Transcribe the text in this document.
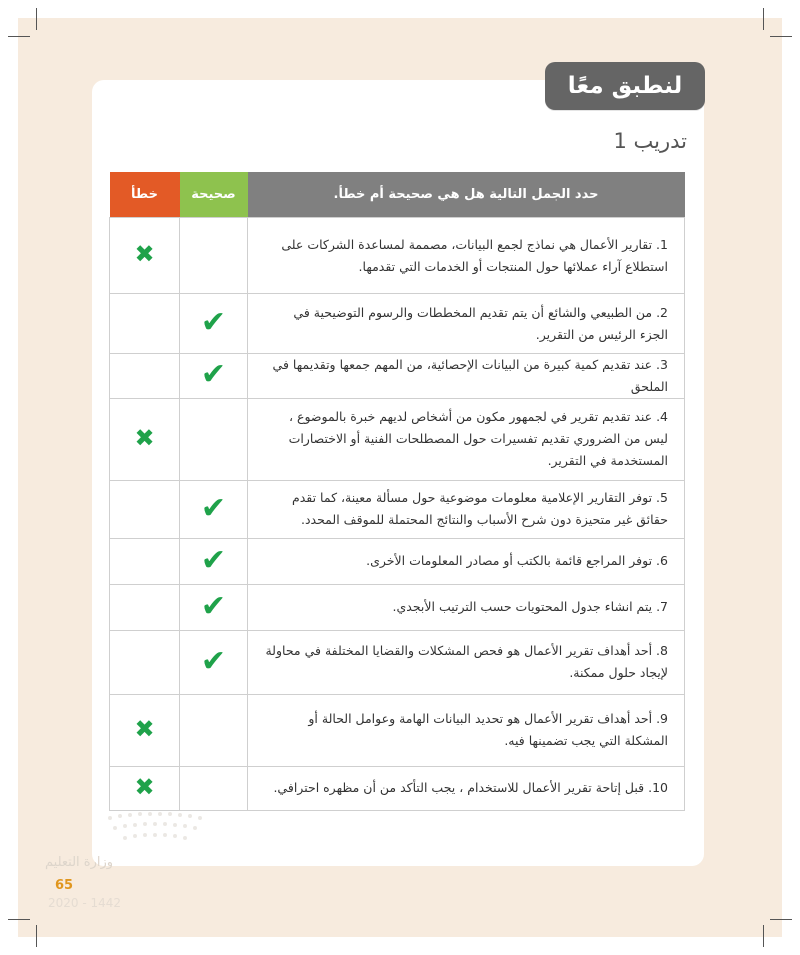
لنطبق معًا
تدريب 1
حدد الجمل التالية هل هي صحيحة أم خطأ.	صحيحة	خطأ
1. تقارير الأعمال هي نماذج لجمع البيانات، مصممة لمساعدة الشركات على استطلاع آراء عملائها حول المنتجات أو الخدمات التي تقدمها.		✖
2. من الطبيعي والشائع أن يتم تقديم المخططات والرسوم التوضيحية في الجزء الرئيس من التقرير.	✔	
3. عند تقديم كمية كبيرة من البيانات الإحصائية، من المهم جمعها وتقديمها في الملحق	✔	
4. عند تقديم تقرير في لجمهور مكون من أشخاص لديهم خبرة بالموضوع ، ليس من الضروري تقديم تفسيرات حول المصطلحات الفنية أو الاختصارات المستخدمة في التقرير.		✖
5. توفر التقارير الإعلامية معلومات موضوعية حول مسألة معينة، كما تقدم حقائق غير متحيزة دون شرح الأسباب والنتائج المحتملة للموقف المحدد.	✔	
6. توفر المراجع قائمة بالكتب أو مصادر المعلومات الأخرى.	✔	
7. يتم انشاء جدول المحتويات حسب الترتيب الأبجدي.	✔	
8. أحد أهداف تقرير الأعمال هو فحص المشكلات والقضايا المختلفة في محاولة لإيجاد حلول ممكنة.	✔	
9. أحد أهداف تقرير الأعمال هو تحديد البيانات الهامة وعوامل الحالة أو المشكلة التي يجب تضمينها فيه.		✖
10. قبل إتاحة تقرير الأعمال للاستخدام ، يجب التأكد من أن مظهره احترافي.		✖
وزارة التعليم
65
2020 - 1442
